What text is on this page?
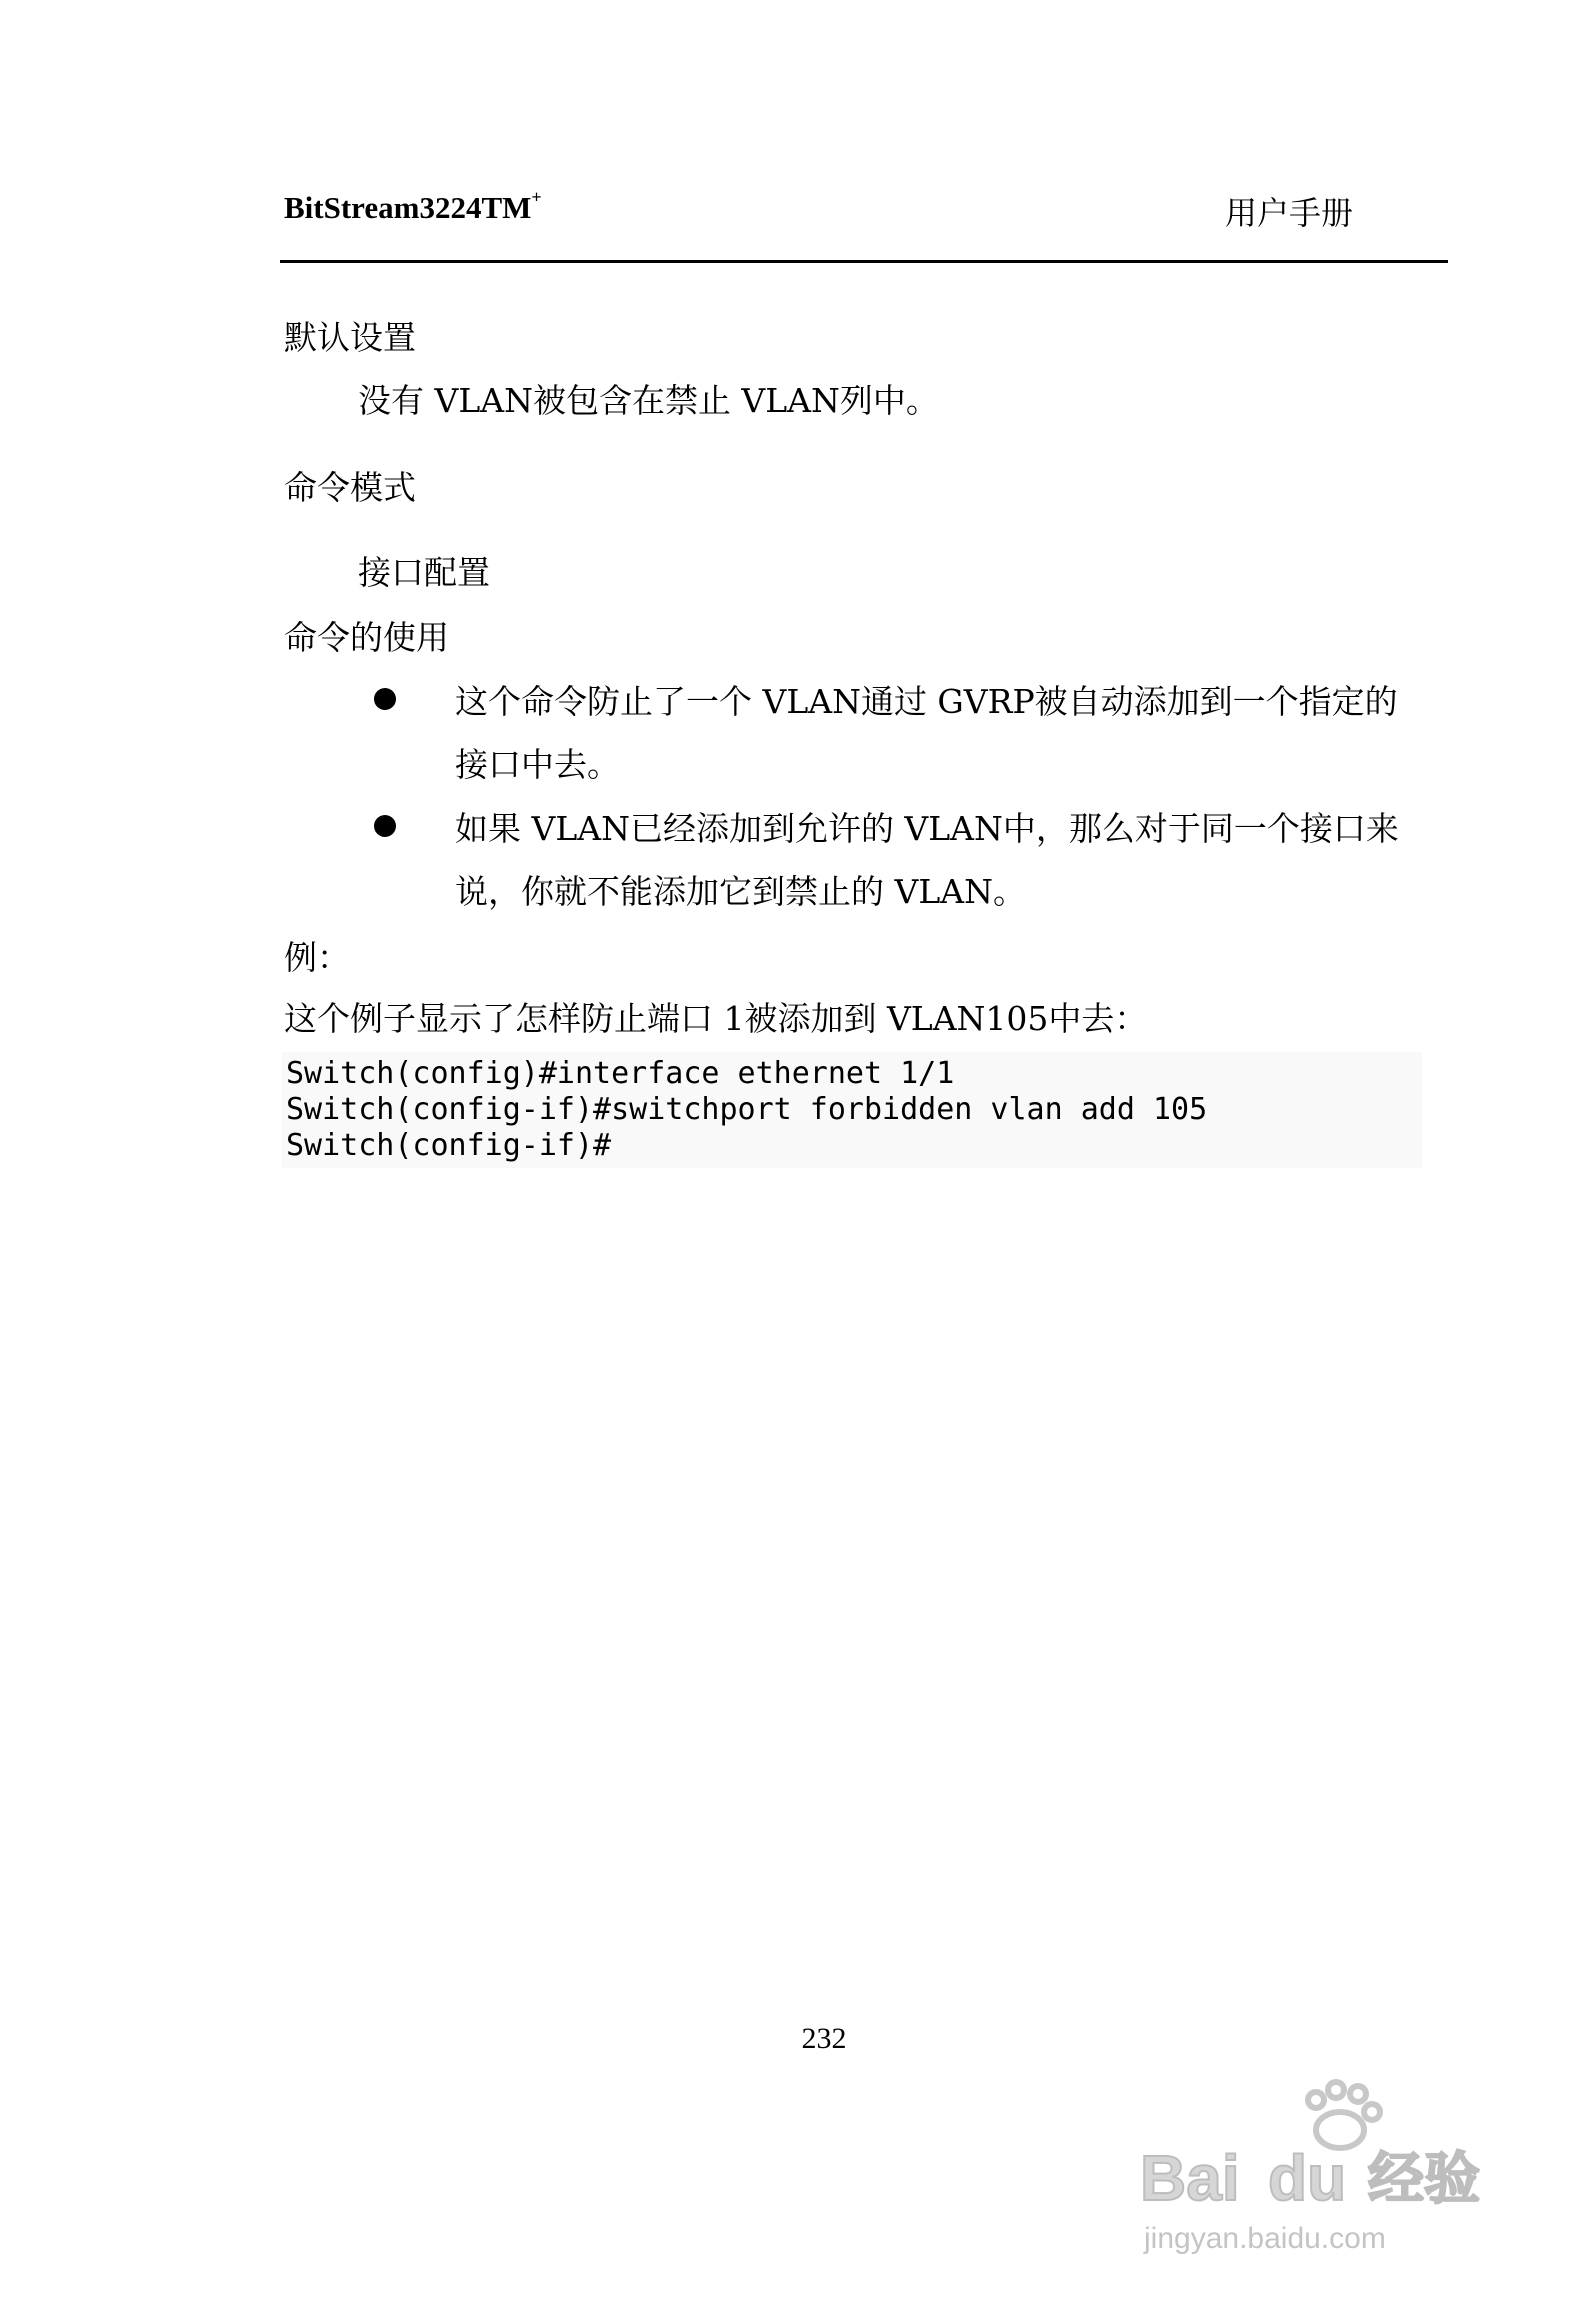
BitStream3224TM+	用户手册
默认设置
没有 VLAN被包含在禁止 VLAN列中。
命令模式
接口配置
命令的使用
这个命令防止了一个 VLAN通过 GVRP被自动添加到一个指定的
接口中去。
如果 VLAN已经添加到允许的 VLAN中，那么对于同一个接口来
说，你就不能添加它到禁止的 VLAN。
例：
这个例子显示了怎样防止端口 1被添加到 VLAN105中去：
Switch(config)#interface ethernet 1/1
Switch(config-if)#switchport forbidden vlan add 105
Switch(config-if)#
232
Bai du 经验
jingyan.baidu.com
